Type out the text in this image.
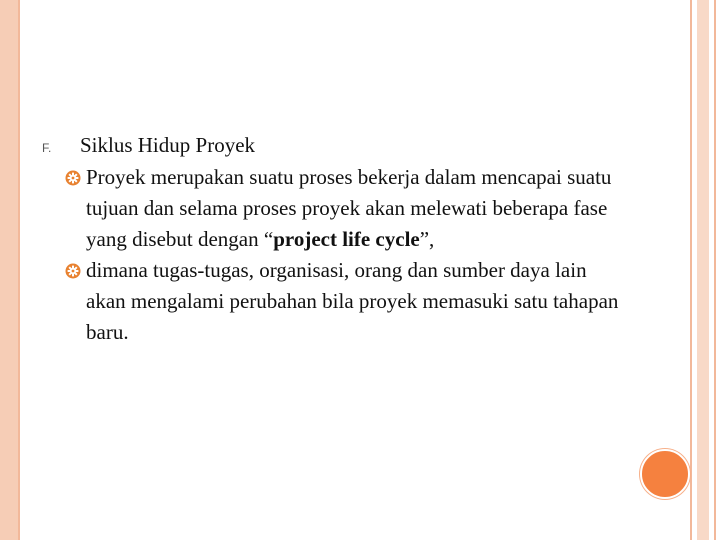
F.	Siklus Hidup Proyek
Proyek merupakan suatu proses bekerja dalam mencapai suatu tujuan dan selama proses proyek akan melewati beberapa fase yang disebut dengan “project life cycle”,
dimana tugas-tugas, organisasi, orang dan sumber daya lain akan mengalami perubahan bila proyek memasuki satu tahapan baru.
